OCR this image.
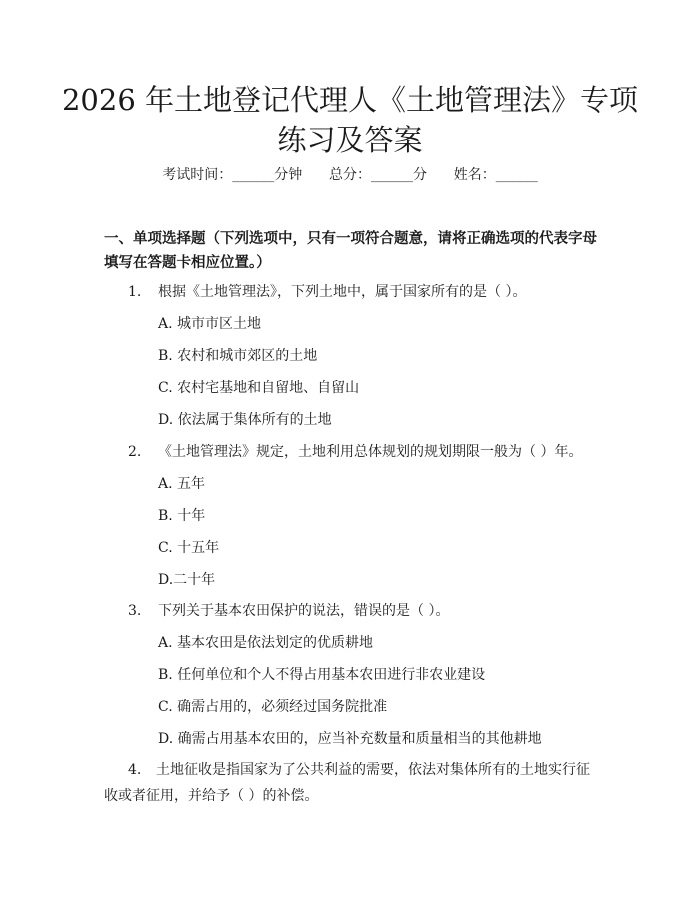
2026 年土地登记代理人《土地管理法》专项
练习及答案
考试时间：______分钟      总分：______分      姓名：______

一、单项选择题（下列选项中，只有一项符合题意，请将正确选项的代表字母填写在答题卡相应位置。）

1. 根据《土地管理法》，下列土地中，属于国家所有的是（ ）。
A. 城市市区土地
B. 农村和城市郊区的土地
C. 农村宅基地和自留地、自留山
D. 依法属于集体所有的土地
2. 《土地管理法》规定，土地利用总体规划的规划期限一般为（ ）年。
A. 五年
B. 十年
C. 十五年
D.二十年
3. 下列关于基本农田保护的说法，错误的是（ ）。
A. 基本农田是依法划定的优质耕地
B. 任何单位和个人不得占用基本农田进行非农业建设
C. 确需占用的，必须经过国务院批准
D. 确需占用基本农田的，应当补充数量和质量相当的其他耕地
4. 土地征收是指国家为了公共利益的需要，依法对集体所有的土地实行征收或者征用，并给予（ ）的补偿。
